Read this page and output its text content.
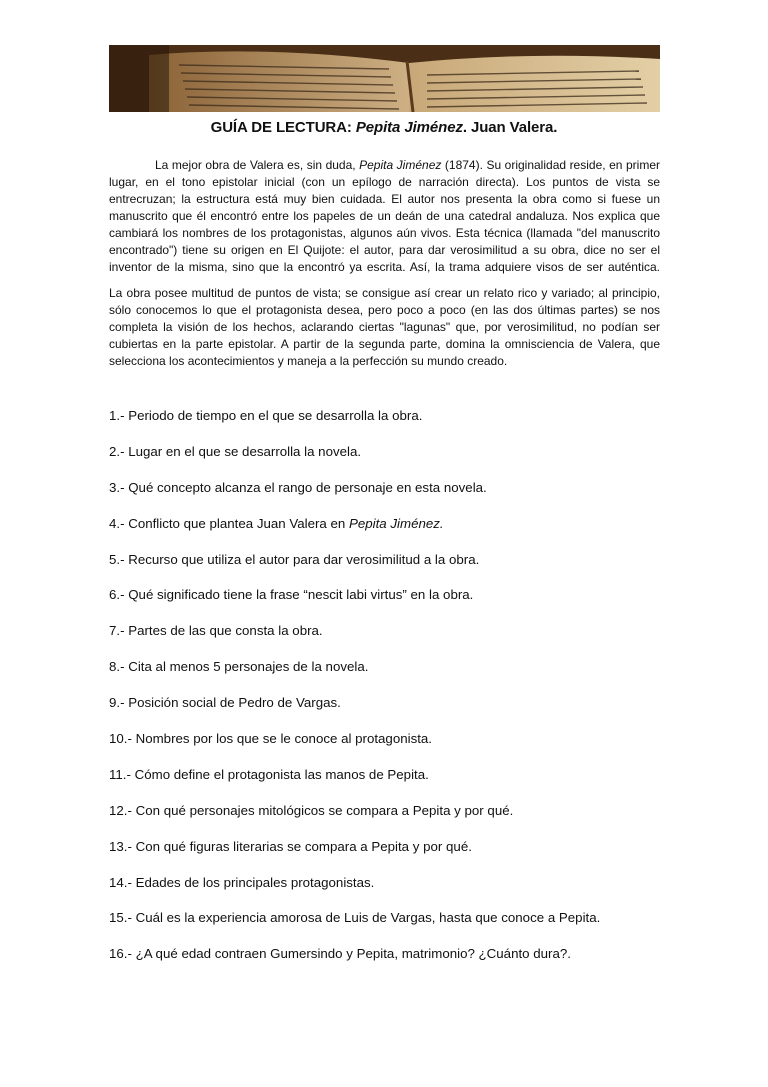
GUÍA DE LECTURA: Pepita Jiménez. Juan Valera.

La mejor obra de Valera es, sin duda, Pepita Jiménez (1874). Su originalidad reside, en primer lugar, en el tono epistolar inicial (con un epílogo de narración directa). Los puntos de vista se entrecruzan; la estructura está muy bien cuidada. El autor nos presenta la obra como si fuese un manuscrito que él encontró entre los papeles de un deán de una catedral andaluza. Nos explica que cambiará los nombres de los protagonistas, algunos aún vivos. Esta técnica (llamada "del manuscrito encontrado") tiene su origen en El Quijote: el autor, para dar verosimilitud a su obra, dice no ser el inventor de la misma, sino que la encontró ya escrita. Así, la trama adquiere visos de ser auténtica.

La obra posee multitud de puntos de vista; se consigue así crear un relato rico y variado; al principio, sólo conocemos lo que el protagonista desea, pero poco a poco (en las dos últimas partes) se nos completa la visión de los hechos, aclarando ciertas "lagunas" que, por verosimilitud, no podían ser cubiertas en la parte epistolar. A partir de la segunda parte, domina la omnisciencia de Valera, que selecciona los acontecimientos y maneja a la perfección su mundo creado.

1.- Periodo de tiempo en el que se desarrolla la obra.
2.- Lugar en el que se desarrolla la novela.
3.- Qué concepto alcanza el rango de personaje en esta novela.
4.- Conflicto que plantea Juan Valera en Pepita Jiménez.
5.- Recurso que utiliza el autor para dar verosimilitud a la obra.
6.- Qué significado tiene la frase “nescit labi virtus” en la obra.
7.- Partes de las que consta la obra.
8.- Cita al menos 5 personajes de la novela.
9.- Posición social de Pedro de Vargas.
10.- Nombres por los que se le conoce al protagonista.
11.- Cómo define el protagonista las manos de Pepita.
12.- Con qué personajes mitológicos se compara a Pepita y por qué.
13.- Con qué figuras literarias se compara a Pepita y por qué.
14.- Edades de los principales protagonistas.
15.- Cuál es la experiencia amorosa de Luis de Vargas, hasta que conoce a Pepita.
16.- ¿A qué edad contraen Gumersindo y Pepita, matrimonio? ¿Cuánto dura?.
